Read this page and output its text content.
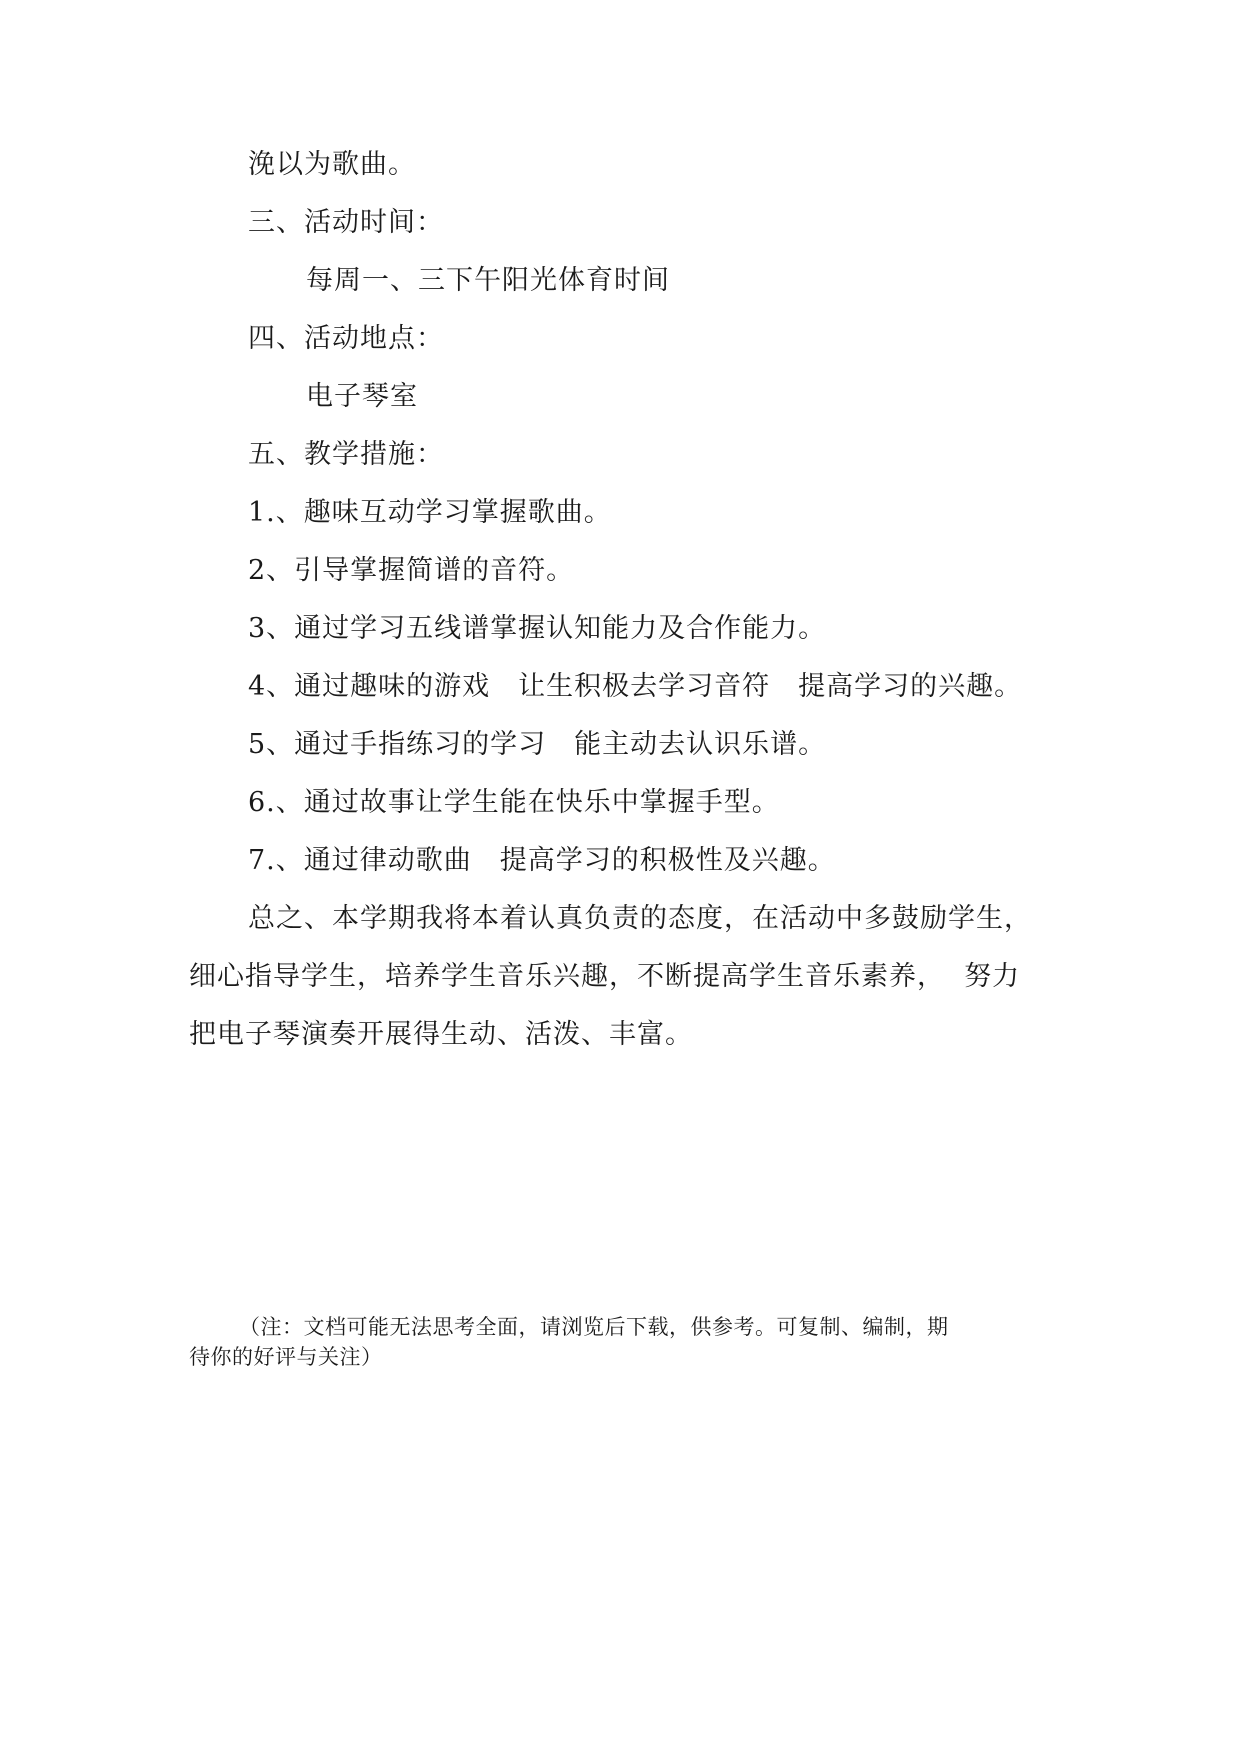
浼以为歌曲。
三、活动时间：
每周一、三下午阳光体育时间
四、活动地点：
电子琴室
五、教学措施：
1.、趣味互动学习掌握歌曲。
2、引导掌握简谱的音符。
3、通过学习五线谱掌握认知能力及合作能力。
4、通过趣味的游戏　让生积极去学习音符　提高学习的兴趣。
5、通过手指练习的学习　能主动去认识乐谱。
6.、通过故事让学生能在快乐中掌握手型。
7.、通过律动歌曲　提高学习的积极性及兴趣。
总之、本学期我将本着认真负责的态度，在活动中多鼓励学生，
细心指导学生，培养学生音乐兴趣，不断提高学生音乐素养，  努力
把电子琴演奏开展得生动、活泼、丰富。
（注：文档可能无法思考全面，请浏览后下载，供参考。可复制、编制，期
待你的好评与关注）
